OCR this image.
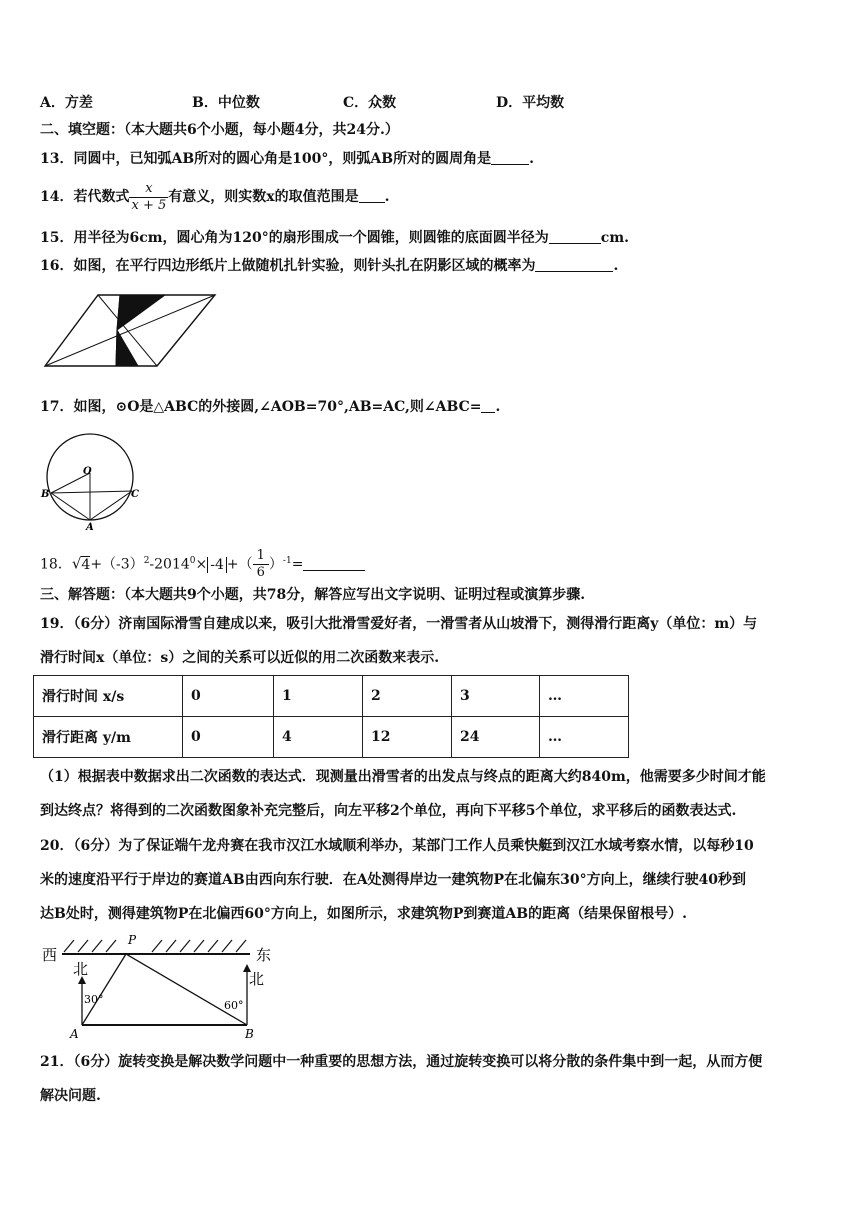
A．方差	B．中位数	C．众数	D．平均数
二、填空题：（本大题共6个小题，每小题4分，共24分.）
13．同圆中，已知弧AB所对的圆心角是100°，则弧AB所对的圆周角是	.
14．若代数式 $\frac{x}{x + 5}$ 有意义，则实数x的取值范围是 .
15．用半径为6cm，圆心角为120°的扇形围成一个圆锥，则圆锥的底面圆半径为	cm.
16．如图，在平行四边形纸片上做随机扎针实验，则针头扎在阴影区域的概率为	.
17．如图，⊙O是△ABC的外接圆,∠AOB=70°,AB=AC,则∠ABC= .
O
B	C
A
18．$√4+(-3)^2-2014^0\times -4$ +（ $\frac{1}{6} )^{-1}=$
三、解答题：（本大题共9个小题，共78分，解答应写出文字说明、证明过程或演算步骤.
19．（6分）济南国际滑雪自建成以来，吸引大批滑雪爱好者，一滑雪者从山坡滑下，测得滑行距离y（单位：m）与
滑行时间x（单位：s）之间的关系可以近似的用二次函数来表示.
滑行时间 x/s	0	1	2	3	…
滑行距离 y/m	0	4	12	24	…
（1）根据表中数据求出二次函数的表达式．现测量出滑雪者的出发点与终点的距离大约840m，他需要多少时间才能
到达终点？将得到的二次函数图象补充完整后，向左平移2个单位，再向下平移5个单位，求平移后的函数表达式.
20．（6分）为了保证端午龙舟赛在我市汉江水域顺利举办，某部门工作人员乘快艇到汉江水域考察水情，以每秒10
米的速度沿平行于岸边的赛道AB由西向东行驶．在A处测得岸边一建筑物P在北偏东30°方向上，继续行驶40秒到
达B处时，测得建筑物P在北偏西60°方向上，如图所示，求建筑物P到赛道AB的距离（结果保留根号）.
西	东
P
北
北
30°	60°
A	B
21．（6分）旋转变换是解决数学问题中一种重要的思想方法，通过旋转变换可以将分散的条件集中到一起，从而方便
解决问题.
